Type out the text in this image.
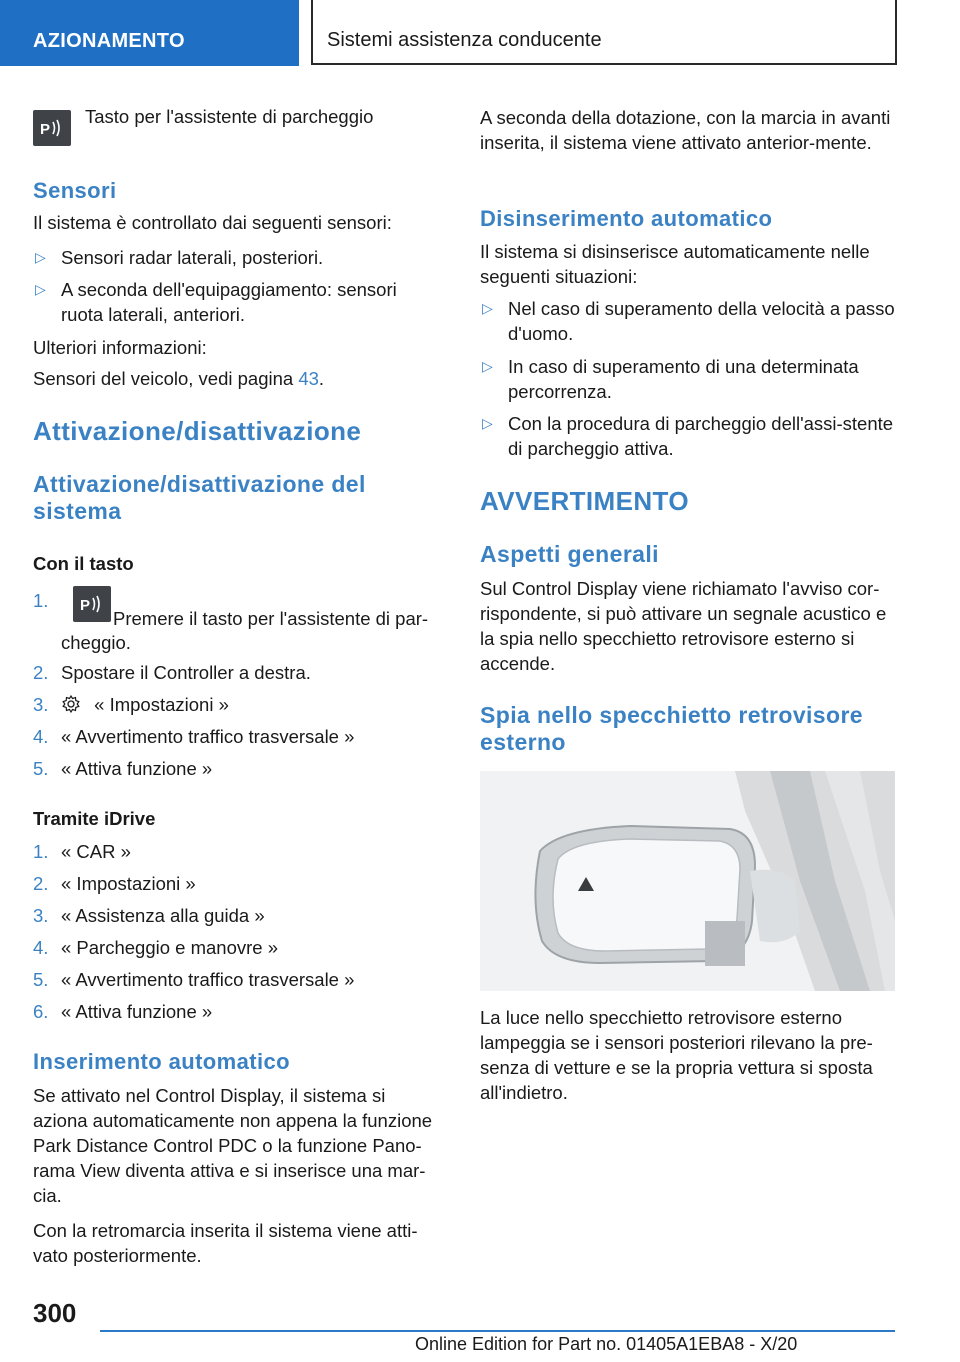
AZIONAMENTO	Sistemi assistenza conducente
P
Tasto per l'assistente di parcheggio
Sensori
Il sistema è controllato dai seguenti sensori:
▷ Sensori radar laterali, posteriori.
▷ A seconda dell'equipaggiamento: sensori ruota laterali, anteriori.
Ulteriori informazioni:
Sensori del veicolo, vedi pagina 43.
Attivazione/disattivazione
Attivazione/disattivazione del sistema
Con il tasto
1. P
Premere il tasto per l'assistente di par-
cheggio.
2. Spostare il Controller a destra.
3. « Impostazioni »
4. « Avvertimento traffico trasversale »
5. « Attiva funzione »
Tramite iDrive
1. « CAR »
2. « Impostazioni »
3. « Assistenza alla guida »
4. « Parcheggio e manovre »
5. « Avvertimento traffico trasversale »
6. « Attiva funzione »
Inserimento automatico
Se attivato nel Control Display, il sistema si aziona automaticamente non appena la funzione Park Distance Control PDC o la funzione Pano-rama View diventa attiva e si inserisce una mar-cia.
Con la retromarcia inserita il sistema viene atti-vato posteriormente.
A seconda della dotazione, con la marcia in avanti inserita, il sistema viene attivato anterior-mente.
Disinserimento automatico
Il sistema si disinserisce automaticamente nelle seguenti situazioni:
▷ Nel caso di superamento della velocità a passo d'uomo.
▷ In caso di superamento di una determinata percorrenza.
▷ Con la procedura di parcheggio dell'assi-stente di parcheggio attiva.
AVVERTIMENTO
Aspetti generali
Sul Control Display viene richiamato l'avviso cor-rispondente, si può attivare un segnale acustico e la spia nello specchietto retrovisore esterno si accende.
Spia nello specchietto retrovisore esterno
La luce nello specchietto retrovisore esterno lampeggia se i sensori posteriori rilevano la pre-senza di vetture e se la propria vettura si sposta all'indietro.
300
Online Edition for Part no. 01405A1EBA8 - X/20
